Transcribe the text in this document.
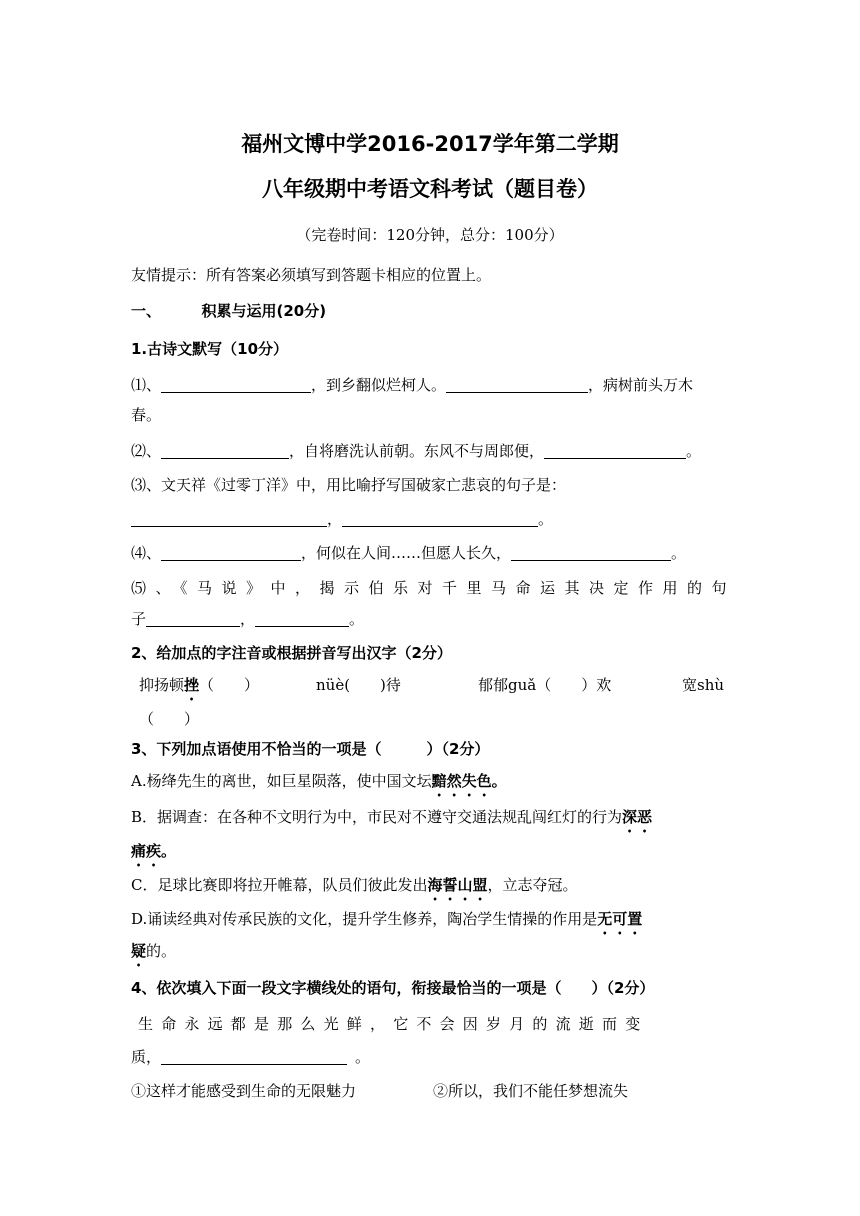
福州文博中学2016-2017学年第二学期
八年级期中考语文科考试（题目卷）
（完卷时间：120分钟，总分：100分）
友情提示：所有答案必须填写到答题卡相应的位置上。
一、	积累与运用(20分)
1.古诗文默写（10分）
⑴、	，到乡翻似烂柯人。	，病树前头万木
春。
⑵、	，自将磨洗认前朝。东风不与周郎便，	。
⑶、文天祥《过零丁洋》中，用比喻抒写国破家亡悲哀的句子是：
，	。
⑷、	，何似在人间……但愿人长久，	。
⑸、《马说》中，揭示伯乐对千里马命运其决定作用的句
子	，	。
2、给加点的字注音或根据拼音写出汉字（2分）
抑扬顿挫（　　）	nüè(　　)待	郁郁guǎ（　　）欢	宽shù
（　　）
3、下列加点语使用不恰当的一项是（　　　）（2分）
A.杨绛先生的离世，如巨星陨落，使中国文坛黯然失色。
B．据调查：在各种不文明行为中，市民对不遵守交通法规乱闯红灯的行为深恶
痛疾。
C．足球比赛即将拉开帷幕，队员们彼此发出海誓山盟，立志夺冠。
D.诵读经典对传承民族的文化，提升学生修养，陶冶学生情操的作用是无可置
疑的。
4、依次填入下面一段文字横线处的语句，衔接最恰当的一项是（　　）（2分）
生命永远都是那么光鲜，它不会因岁月的流逝而变
质，	。
①这样才能感受到生命的无限魅力	②所以，我们不能任梦想流失
